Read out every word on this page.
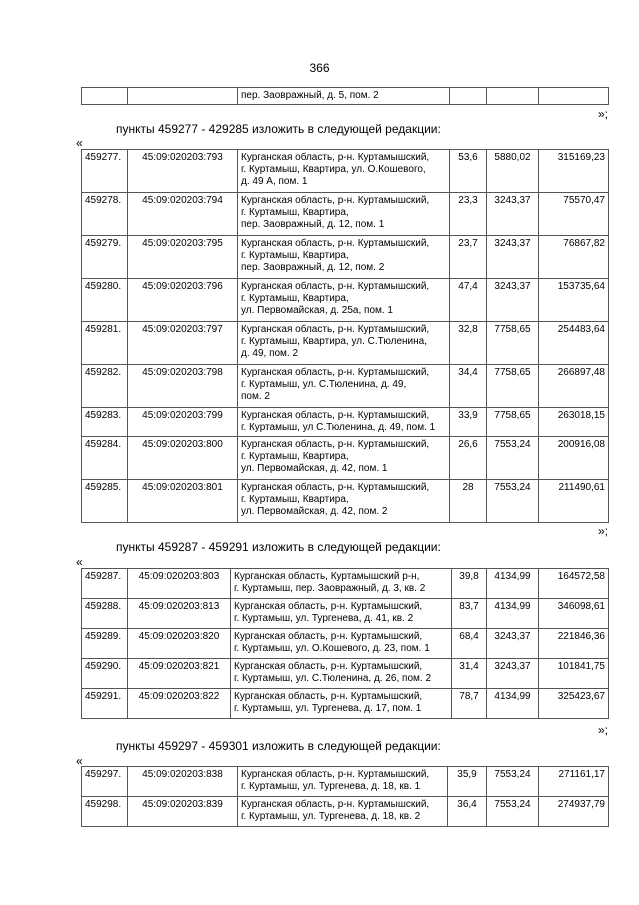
366
		пер. Заовражный, д. 5, пом. 2			
»;
пункты 459277 - 429285 изложить в следующей редакции:
«
459277.	45:09:020203:793	Курганская область, р-н. Куртамышский,
г. Куртамыш, Квартира, ул. О.Кошевого,
д. 49 А, пом. 1	53,6	5880,02	315169,23
459278.	45:09:020203:794	Курганская область, р-н. Куртамышский,
г. Куртамыш, Квартира,
пер. Заовражный, д. 12, пом. 1	23,3	3243,37	75570,47
459279.	45:09:020203:795	Курганская область, р-н. Куртамышский,
г. Куртамыш, Квартира,
пер. Заовражный, д. 12, пом. 2	23,7	3243,37	76867,82
459280.	45:09:020203:796	Курганская область, р-н. Куртамышский,
г. Куртамыш, Квартира,
ул. Первомайская, д. 25а, пом. 1	47,4	3243,37	153735,64
459281.	45:09:020203:797	Курганская область, р-н. Куртамышский,
г. Куртамыш, Квартира, ул. С.Тюленина,
д. 49, пом. 2	32,8	7758,65	254483,64
459282.	45:09:020203:798	Курганская область, р-н. Куртамышский,
г. Куртамыш, ул. С.Тюленина, д. 49,
пом. 2	34,4	7758,65	266897,48
459283.	45:09:020203:799	Курганская область, р-н. Куртамышский,
г. Куртамыш, ул С.Тюленина, д. 49, пом. 1	33,9	7758,65	263018,15
459284.	45:09:020203:800	Курганская область, р-н. Куртамышский,
г. Куртамыш, Квартира,
ул. Первомайская, д. 42, пом. 1	26,6	7553,24	200916,08
459285.	45:09:020203:801	Курганская область, р-н. Куртамышский,
г. Куртамыш, Квартира,
ул. Первомайская, д. 42, пом. 2	28	7553,24	211490,61
»;
пункты 459287 - 459291 изложить в следующей редакции:
«
459287.	45:09:020203:803	Курганская область, Куртамышский р-н,
г. Куртамыш, пер. Заовражный, д. 3, кв. 2	39,8	4134,99	164572,58
459288.	45:09:020203:813	Курганская область, р-н. Куртамышский,
г. Куртамыш, ул. Тургенева, д. 41, кв. 2	83,7	4134,99	346098,61
459289.	45:09:020203:820	Курганская область, р-н. Куртамышский,
г. Куртамыш, ул. О.Кошевого, д. 23, пом. 1	68,4	3243,37	221846,36
459290.	45:09:020203:821	Курганская область, р-н. Куртамышский,
г. Куртамыш, ул. С.Тюленина, д. 26, пом. 2	31,4	3243,37	101841,75
459291.	45:09:020203:822	Курганская область, р-н. Куртамышский,
г. Куртамыш, ул. Тургенева, д. 17, пом. 1	78,7	4134,99	325423,67
»;
пункты 459297 - 459301 изложить в следующей редакции:
«
459297.	45:09:020203:838	Курганская область, р-н. Куртамышский,
г. Куртамыш, ул. Тургенева, д. 18, кв. 1	35,9	7553,24	271161,17
459298.	45:09:020203:839	Курганская область, р-н. Куртамышский,
г. Куртамыш, ул. Тургенева, д. 18, кв. 2	36,4	7553,24	274937,79
